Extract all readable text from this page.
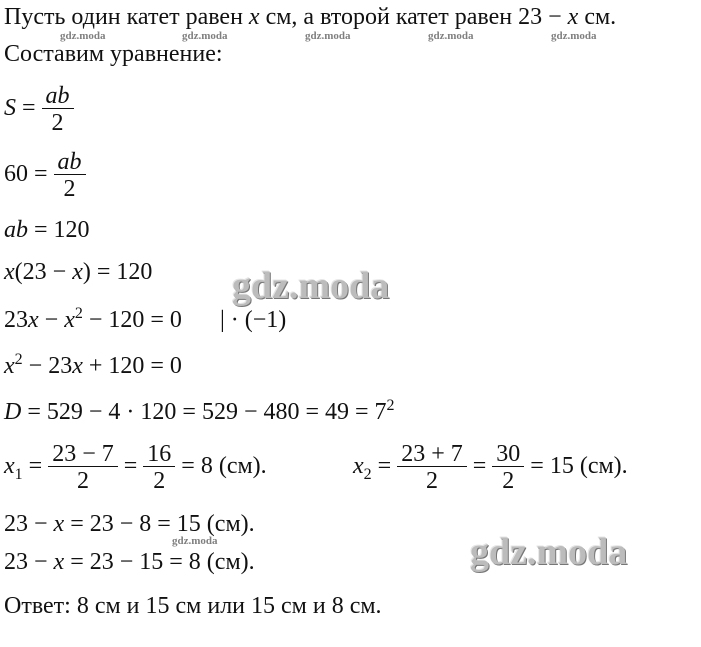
Пусть один катет равен x см, а второй катет равен 23 − x см.
gdz.moda	gdz.moda	gdz.moda	gdz.moda	gdz.moda
Составим уравнение:
$S = \frac{ab}{2}$
$60 = \frac{ab}{2}$
ab = 120
x(23 − x) = 120
$23x - x^2 - 120 = 0$ | · (−1)
$x^2 - 23x + 120 = 0$
$D = 529 - 4 \cdot 120 = 529 - 480 = 49 = 7^2$
$x_1 = \frac{23 - 7}{2} = \frac{16}{2} = 8$ (см).	$x_2 = \frac{23 + 7}{2} = \frac{30}{2} = 15$ (см).
23 − x = 23 − 8 = 15 (см).
gdz.moda
23 − x = 23 − 15 = 8 (см).
Ответ: 8 см и 15 см или 15 см и 8 см.
gdz.moda
gdz.moda
